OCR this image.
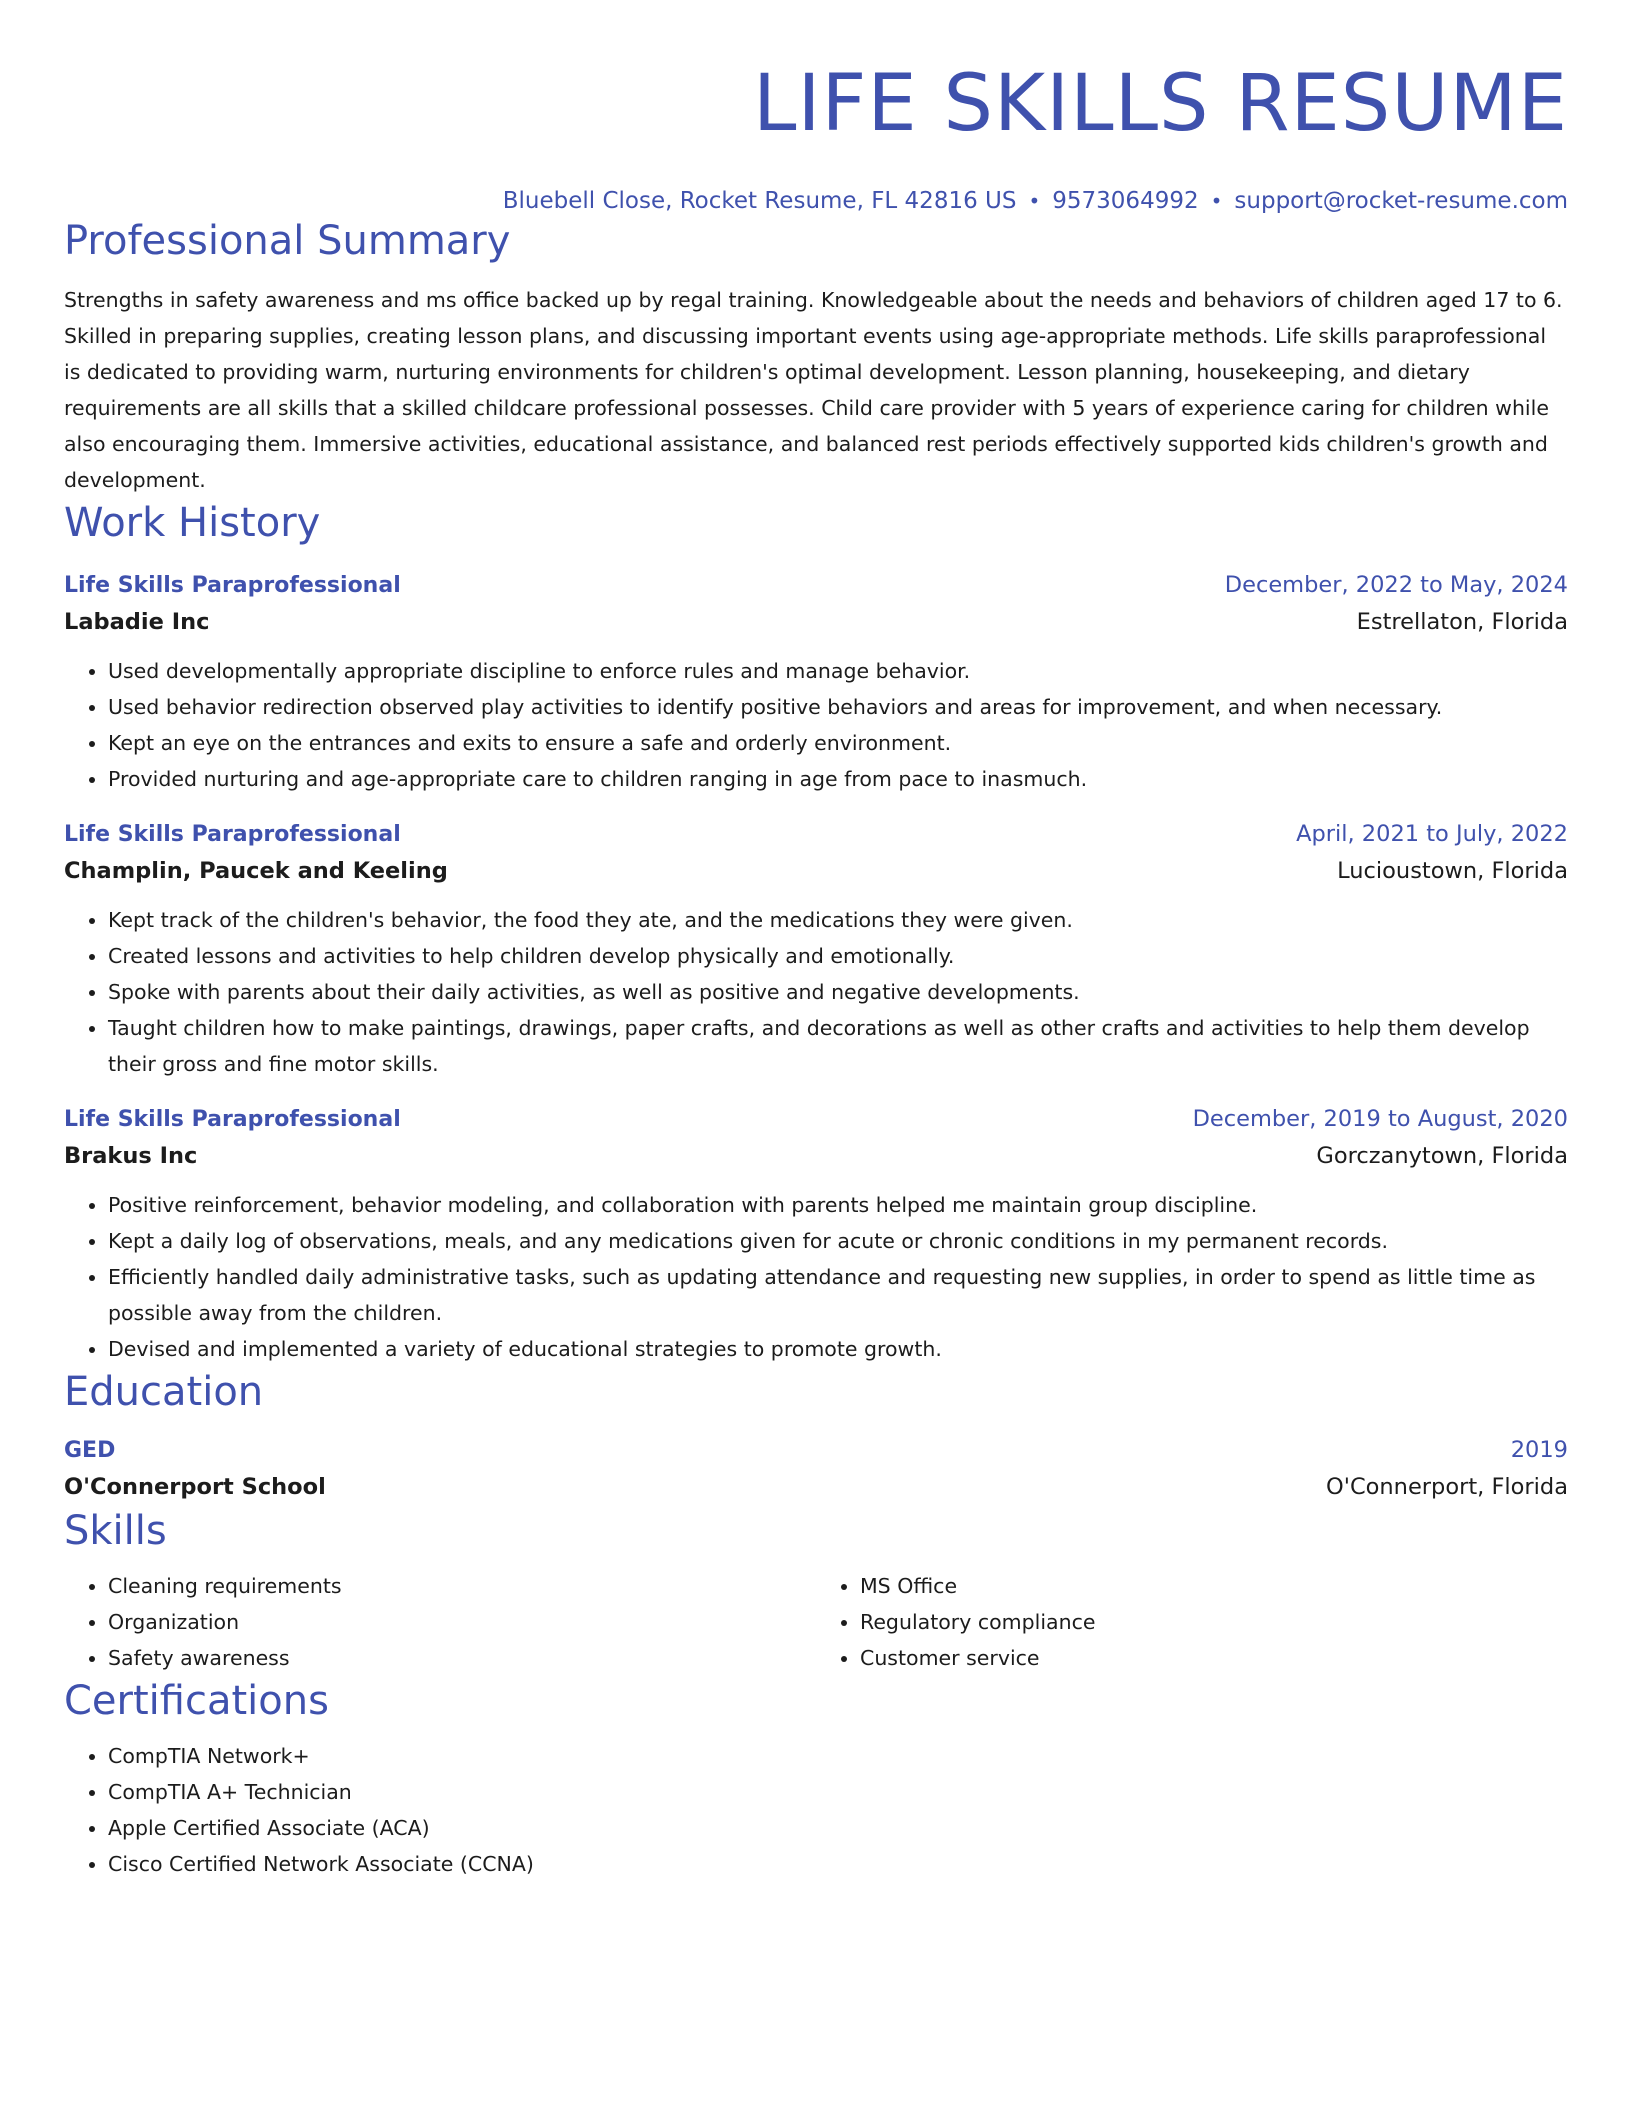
LIFE SKILLS RESUME
Bluebell Close, Rocket Resume, FL 42816 US • 9573064992 • support@rocket-resume.com
Professional Summary
Strengths in safety awareness and ms office backed up by regal training. Knowledgeable about the needs and behaviors of children aged 17 to 6. Skilled in preparing supplies, creating lesson plans, and discussing important events using age-appropriate methods. Life skills paraprofessional is dedicated to providing warm, nurturing environments for children's optimal development. Lesson planning, housekeeping, and dietary requirements are all skills that a skilled childcare professional possesses. Child care provider with 5 years of experience caring for children while also encouraging them. Immersive activities, educational assistance, and balanced rest periods effectively supported kids children's growth and development.
Work History
Life Skills Paraprofessional	December, 2022 to May, 2024
Labadie Inc	Estrellaton, Florida
• Used developmentally appropriate discipline to enforce rules and manage behavior.
• Used behavior redirection observed play activities to identify positive behaviors and areas for improvement, and when necessary.
• Kept an eye on the entrances and exits to ensure a safe and orderly environment.
• Provided nurturing and age-appropriate care to children ranging in age from pace to inasmuch.
Life Skills Paraprofessional	April, 2021 to July, 2022
Champlin, Paucek and Keeling	Lucioustown, Florida
• Kept track of the children's behavior, the food they ate, and the medications they were given.
• Created lessons and activities to help children develop physically and emotionally.
• Spoke with parents about their daily activities, as well as positive and negative developments.
• Taught children how to make paintings, drawings, paper crafts, and decorations as well as other crafts and activities to help them develop their gross and fine motor skills.
Life Skills Paraprofessional	December, 2019 to August, 2020
Brakus Inc	Gorczanytown, Florida
• Positive reinforcement, behavior modeling, and collaboration with parents helped me maintain group discipline.
• Kept a daily log of observations, meals, and any medications given for acute or chronic conditions in my permanent records.
• Efficiently handled daily administrative tasks, such as updating attendance and requesting new supplies, in order to spend as little time as possible away from the children.
• Devised and implemented a variety of educational strategies to promote growth.
Education
GED	2019
O'Connerport School	O'Connerport, Florida
Skills
• Cleaning requirements
• Organization
• Safety awareness
• MS Office
• Regulatory compliance
• Customer service
Certifications
• CompTIA Network+
• CompTIA A+ Technician
• Apple Certified Associate (ACA)
• Cisco Certified Network Associate (CCNA)
